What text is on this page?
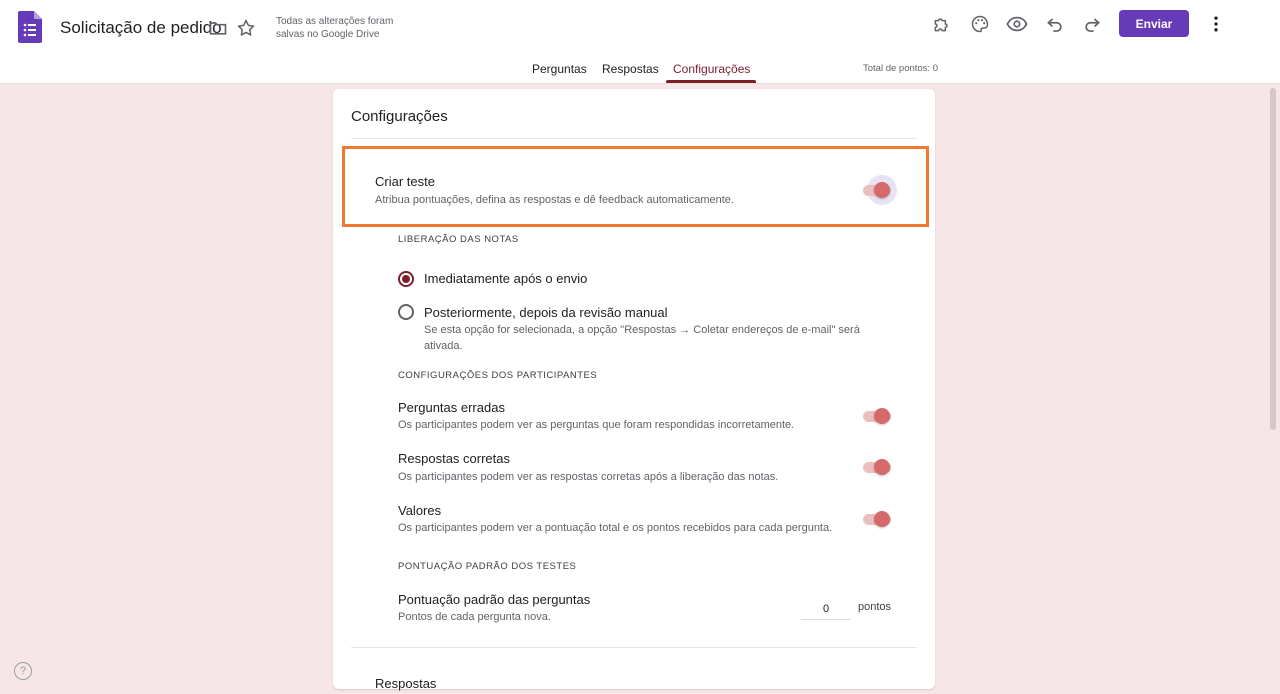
Solicitação de pedido	Todas as alterações foram salvas no Google Drive
Enviar
Perguntas Respostas Configurações	Total de pontos: 0
Configurações
Criar teste
Atribua pontuações, defina as respostas e dê feedback automaticamente.
LIBERAÇÃO DAS NOTAS
Imediatamente após o envio
Posteriormente, depois da revisão manual
Se esta opção for selecionada, a opção "Respostas → Coletar endereços de e-mail" será
ativada.
CONFIGURAÇÕES DOS PARTICIPANTES
Perguntas erradas
Os participantes podem ver as perguntas que foram respondidas incorretamente.
Respostas corretas
Os participantes podem ver as respostas corretas após a liberação das notas.
Valores
Os participantes podem ver a pontuação total e os pontos recebidos para cada pergunta.
PONTUAÇÃO PADRÃO DOS TESTES
Pontuação padrão das perguntas
Pontos de cada pergunta nova.
0
pontos
Respostas
?
